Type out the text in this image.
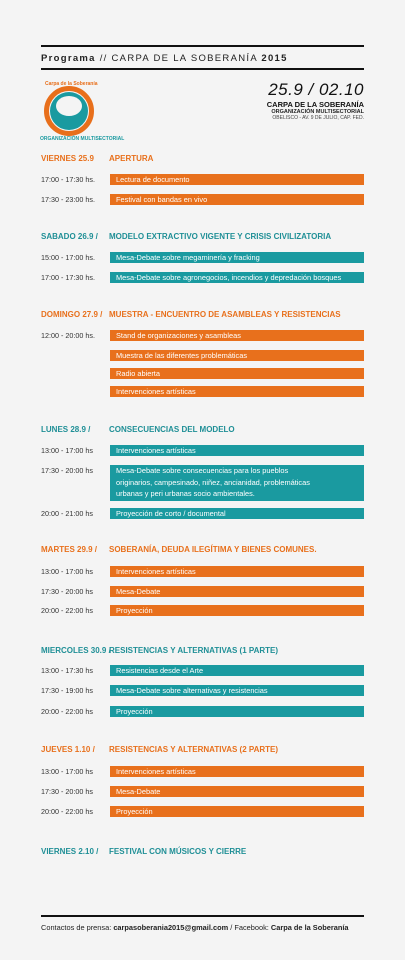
Programa // CARPA DE LA SOBERANÍA 2015
Carpa de la Soberanía
ORGANIZACIÓN MULTISECTORIAL
25.9 / 02.10
CARPA DE LA SOBERANÍA
ORGANIZACIÓN MULTISECTORIAL
OBELISCO - AV. 9 DE JULIO, CAP. FED.
VIERNES 25.9 APERTURA
17:00 - 17:30 hs.	Lectura de documento
17:30 - 23:00 hs.	Festival con bandas en vivo
SABADO 26.9 / MODELO EXTRACTIVO VIGENTE Y CRISIS CIVILIZATORIA
15:00 - 17:00 hs.	Mesa-Debate sobre megaminería y fracking
17:00 - 17:30 hs.	Mesa-Debate sobre agronegocios, incendios y depredación bosques
DOMINGO 27.9 / MUESTRA - ENCUENTRO DE ASAMBLEAS Y RESISTENCIAS
12:00 - 20:00 hs.	Stand de organizaciones y asambleas
Muestra de las diferentes problemáticas
Radio abierta
Intervenciones artísticas
LUNES 28.9 / CONSECUENCIAS DEL MODELO
13:00 - 17:00 hs	Intervenciones artísticas
17:30 - 20:00 hs	Mesa-Debate sobre consecuencias para los pueblos
originarios, campesinado, niñez, ancianidad, problemáticas
urbanas y peri urbanas socio ambientales.
20:00 - 21:00 hs	Proyección de corto / documental
MARTES 29.9 / SOBERANÍA, DEUDA ILEGÍTIMA Y BIENES COMUNES.
13:00 - 17:00 hs	Intervenciones artísticas
17:30 - 20:00 hs	Mesa-Debate
20:00 - 22:00 hs	Proyección
MIERCOLES 30.9 /RESISTENCIAS Y ALTERNATIVAS (1 PARTE)
13:00 - 17:30 hs	Resistencias desde el Arte
17:30 - 19:00 hs	Mesa-Debate sobre alternativas y resistencias
20:00 - 22:00 hs	Proyección
JUEVES 1.10 / RESISTENCIAS Y ALTERNATIVAS (2 PARTE)
13:00 - 17:00 hs	Intervenciones artísticas
17:30 - 20:00 hs	Mesa-Debate
20:00 - 22:00 hs	Proyección
VIERNES 2.10 / FESTIVAL CON MÚSICOS Y CIERRE
Contactos de prensa: carpasoberania2015@gmail.com / Facebook: Carpa de la Soberanía
